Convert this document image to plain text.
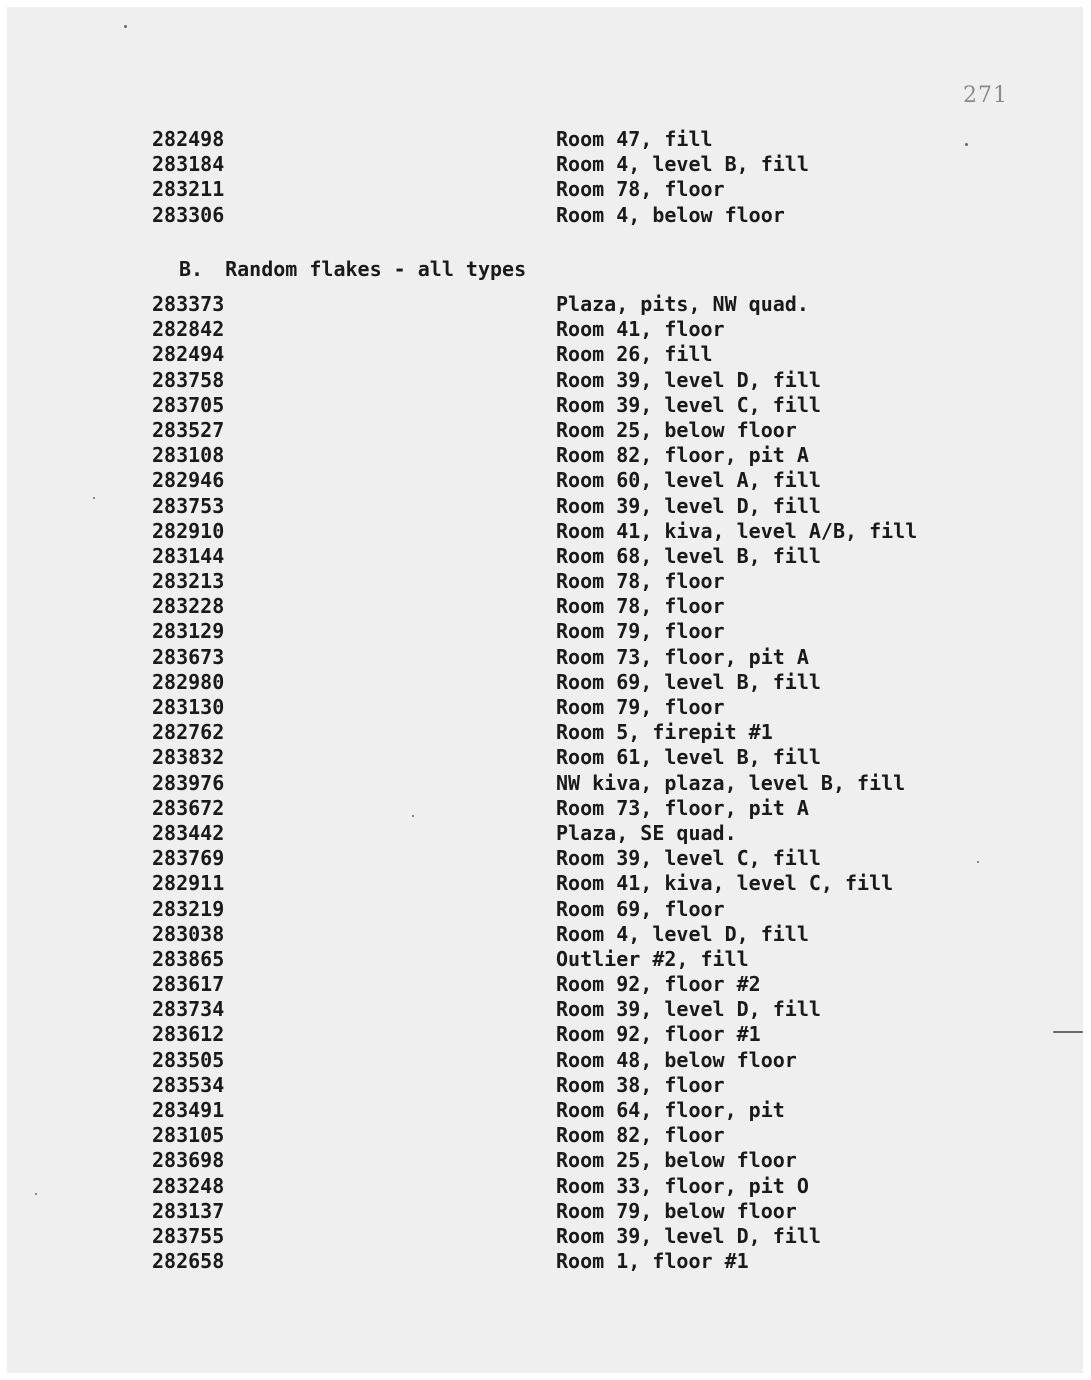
271
282498	Room 47, fill
283184	Room 4, level B, fill
283211	Room 78, floor
283306	Room 4, below floor
B. Random flakes - all types
283373	Plaza, pits, NW quad.
282842	Room 41, floor
282494	Room 26, fill
283758	Room 39, level D, fill
283705	Room 39, level C, fill
283527	Room 25, below floor
283108	Room 82, floor, pit A
282946	Room 60, level A, fill
283753	Room 39, level D, fill
282910	Room 41, kiva, level A/B, fill
283144	Room 68, level B, fill
283213	Room 78, floor
283228	Room 78, floor
283129	Room 79, floor
283673	Room 73, floor, pit A
282980	Room 69, level B, fill
283130	Room 79, floor
282762	Room 5, firepit #1
283832	Room 61, level B, fill
283976	NW kiva, plaza, level B, fill
283672	Room 73, floor, pit A
283442	Plaza, SE quad.
283769	Room 39, level C, fill
282911	Room 41, kiva, level C, fill
283219	Room 69, floor
283038	Room 4, level D, fill
283865	Outlier #2, fill
283617	Room 92, floor #2
283734	Room 39, level D, fill
283612	Room 92, floor #1
283505	Room 48, below floor
283534	Room 38, floor
283491	Room 64, floor, pit
283105	Room 82, floor
283698	Room 25, below floor
283248	Room 33, floor, pit O
283137	Room 79, below floor
283755	Room 39, level D, fill
282658	Room 1, floor #1
